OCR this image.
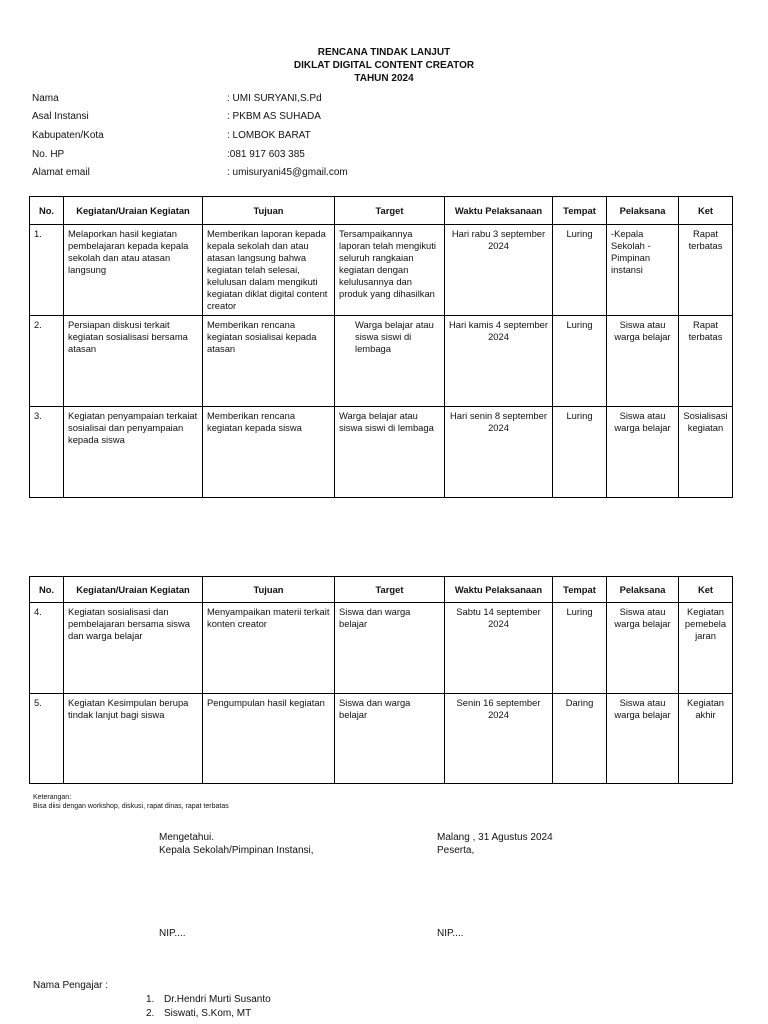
RENCANA TINDAK LANJUT
DIKLAT DIGITAL CONTENT CREATOR
TAHUN 2024
Nama	: UMI SURYANI,S.Pd
Asal Instansi	: PKBM AS SUHADA
Kabupaten/Kota	: LOMBOK BARAT
No. HP	:081 917 603 385
Alamat email	: umisuryani45@gmail.com
No.	Kegiatan/Uraian Kegiatan	Tujuan	Target	Waktu Pelaksanaan	Tempat	Pelaksana	Ket
1.	Melaporkan hasil kegiatan pembelajaran kepada kepala sekolah dan atau atasan langsung	Memberikan laporan kepada kepala sekolah dan atau atasan langsung bahwa kegiatan telah selesai, kelulusan dalam mengikuti kegiatan diklat digital content creator	Tersampaikannya laporan telah mengikuti seluruh rangkaian kegiatan dengan kelulusannya dan produk yang dihasilkan	Hari rabu 3 september 2024	Luring	-Kepala Sekolah -Pimpinan instansi	Rapat terbatas
2.	Persiapan diskusi terkait kegiatan sosialisasi bersama atasan	Memberikan rencana kegiatan sosialisai kepada atasan	Warga belajar atau siswa siswi di lembaga	Hari kamis 4 september 2024	Luring	Siswa atau warga belajar	Rapat terbatas
3.	Kegiatan penyampaian terkaiat sosialisai dan penyampaian kepada siswa	Memberikan rencana kegiatan kepada siswa	Warga belajar atau siswa siswi di lembaga	Hari senin 8 september 2024	Luring	Siswa atau warga belajar	Sosialisasi kegiatan
No.	Kegiatan/Uraian Kegiatan	Tujuan	Target	Waktu Pelaksanaan	Tempat	Pelaksana	Ket
4.	Kegiatan sosialisasi dan pembelajaran bersama siswa dan warga belajar	Menyampaikan materii terkait konten creator	Siswa dan warga belajar	Sabtu 14 september 2024	Luring	Siswa atau warga belajar	Kegiatan pemebela jaran
5.	Kegiatan Kesimpulan berupa tindak lanjut bagi siswa	Pengumpulan hasil kegiatan	Siswa dan warga belajar	Senin 16 september 2024	Daring	Siswa atau warga belajar	Kegiatan akhir
Keterangan:
Bisa diisi dengan workshop, diskusi, rapat dinas, rapat terbatas
Mengetahui.
Kepala Sekolah/Pimpinan Instansi,
NIP....
Malang , 31 Agustus 2024
Peserta,
NIP....
Nama Pengajar :
1. Dr.Hendri Murti Susanto
2. Siswati, S.Kom, MT
